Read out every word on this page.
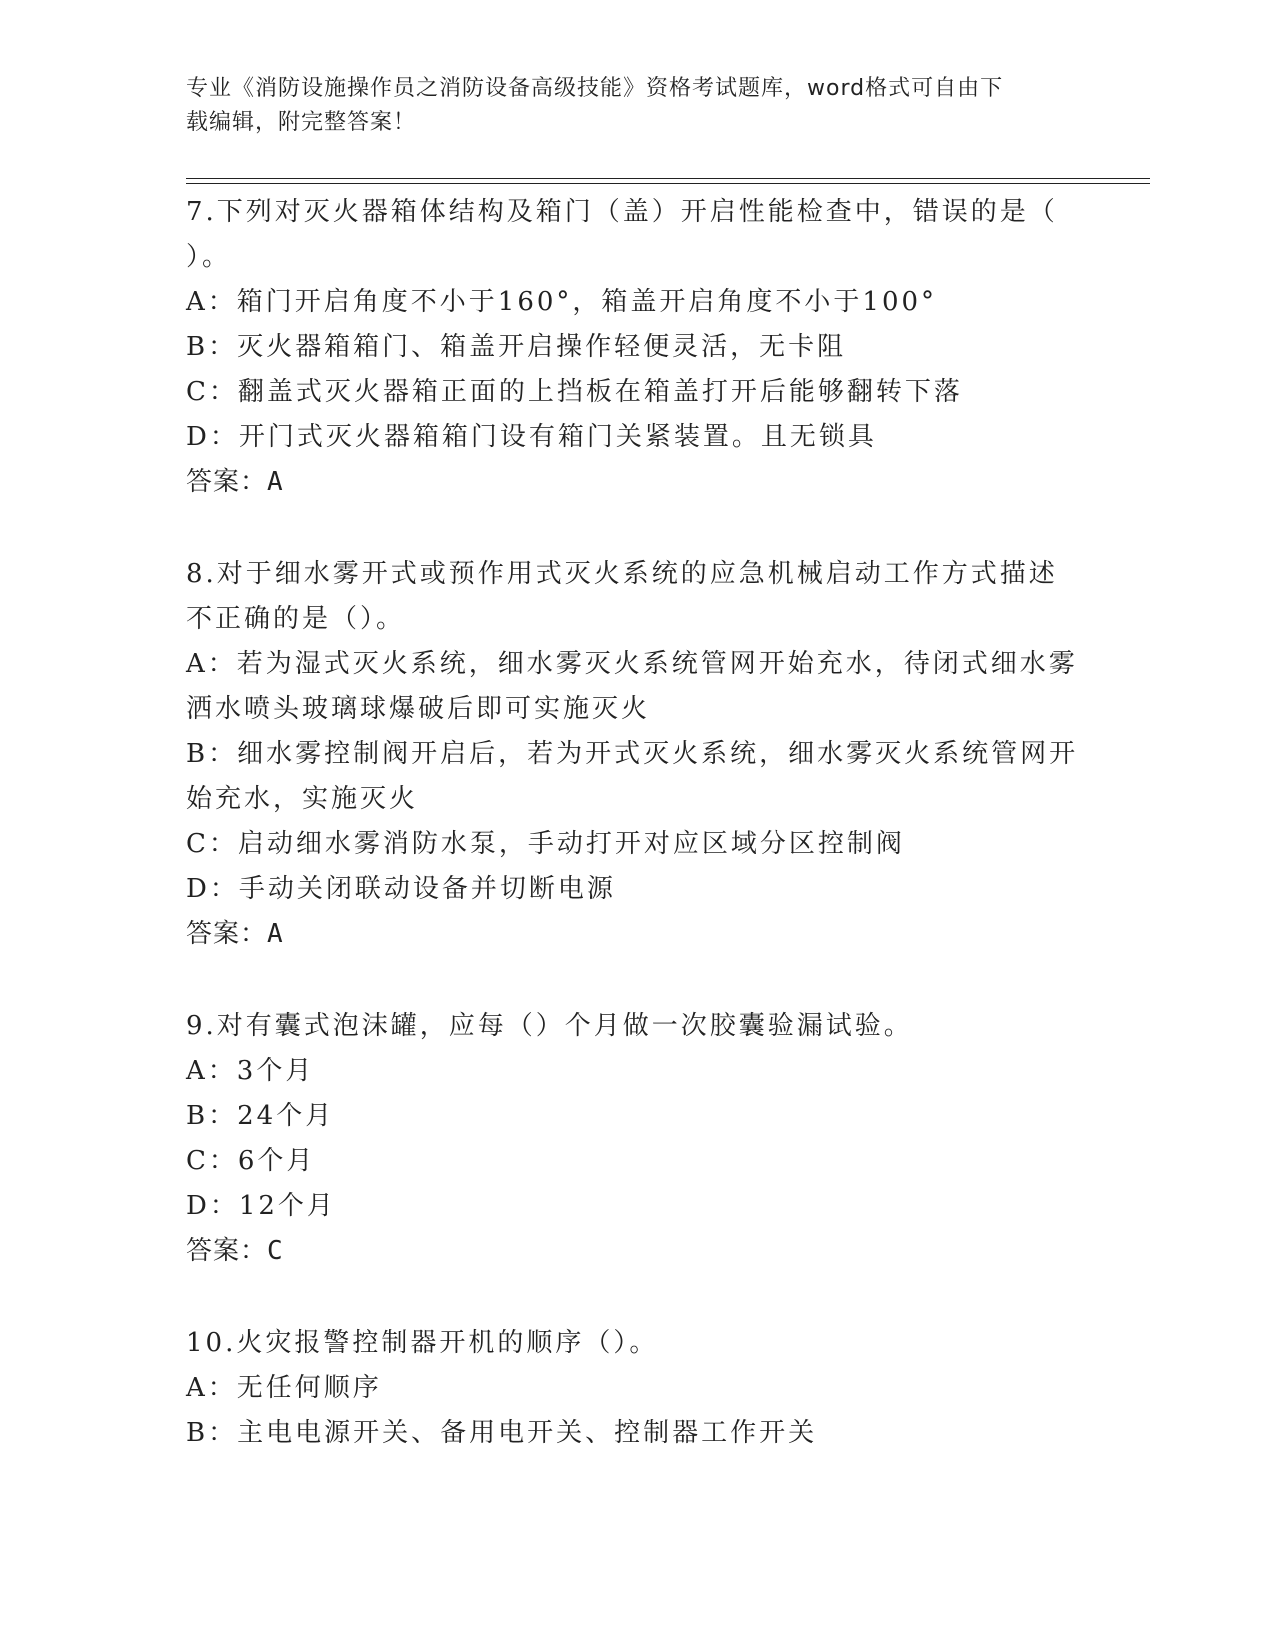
专业《消防设施操作员之消防设备高级技能》资格考试题库，word格式可自由下
载编辑，附完整答案！
7.下列对灭火器箱体结构及箱门（盖）开启性能检查中，错误的是（
）。
A：箱门开启角度不小于160°，箱盖开启角度不小于100°
B：灭火器箱箱门、箱盖开启操作轻便灵活，无卡阻
C：翻盖式灭火器箱正面的上挡板在箱盖打开后能够翻转下落
D：开门式灭火器箱箱门设有箱门关紧装置。且无锁具
答案：A
8.对于细水雾开式或预作用式灭火系统的应急机械启动工作方式描述
不正确的是（）。
A：若为湿式灭火系统，细水雾灭火系统管网开始充水，待闭式细水雾
洒水喷头玻璃球爆破后即可实施灭火
B：细水雾控制阀开启后，若为开式灭火系统，细水雾灭火系统管网开
始充水，实施灭火
C：启动细水雾消防水泵，手动打开对应区域分区控制阀
D：手动关闭联动设备并切断电源
答案：A
9.对有囊式泡沫罐，应每（）个月做一次胶囊验漏试验。
A：3个月
B：24个月
C：6个月
D：12个月
答案：C
10.火灾报警控制器开机的顺序（）。
A：无任何顺序
B：主电电源开关、备用电开关、控制器工作开关
